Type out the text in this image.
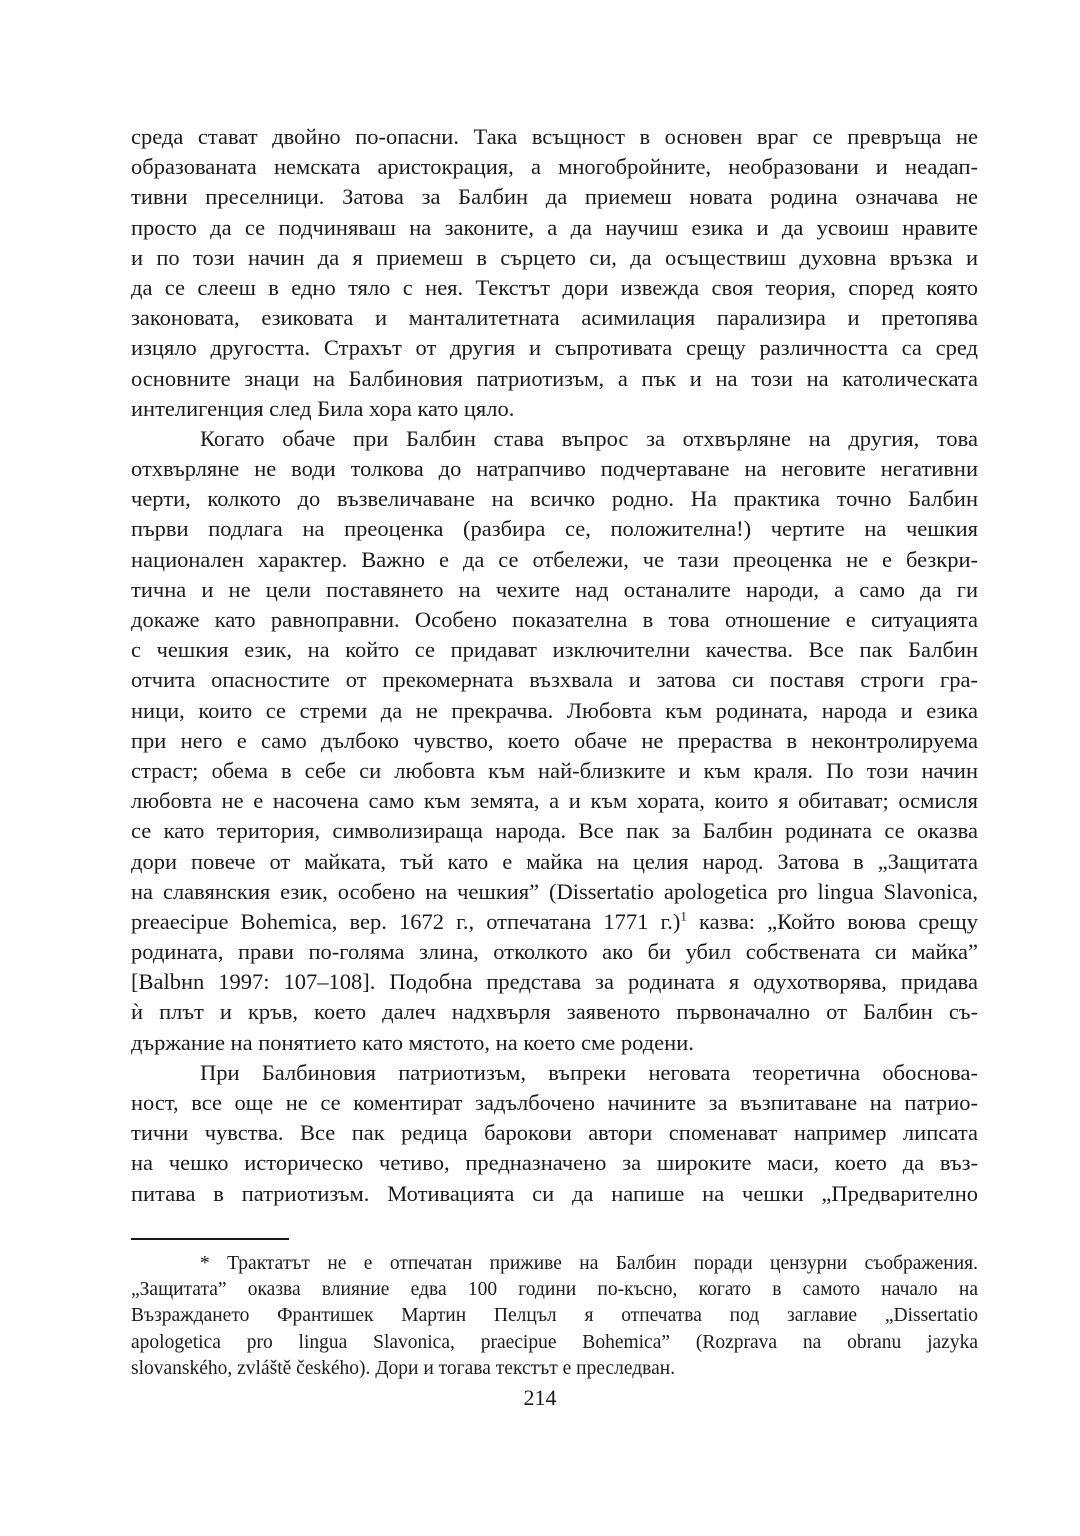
среда стават двойно по-опасни. Така всъщност в основен враг се превръща не
образованата немската аристокрация, а многобройните, необразовани и неадап-
тивни преселници. Затова за Балбин да приемеш новата родина означава не
просто да се подчиняваш на законите, а да научиш езика и да усвоиш нравите
и по този начин да я приемеш в сърцето си, да осъществиш духовна връзка и
да се слееш в едно тяло с нея. Текстът дори извежда своя теория, според която
законовата, езиковата и манталитетната асимилация парализира и претопява
изцяло другостта. Страхът от другия и съпротивата срещу различността са сред
основните знаци на Балбиновия патриотизъм, а пък и на този на католическата
интелигенция след Била хора като цяло.
Когато обаче при Балбин става въпрос за отхвърляне на другия, това
отхвърляне не води толкова до натрапчиво подчертаване на неговите негативни
черти, колкото до възвеличаване на всичко родно. На практика точно Балбин
първи подлага на преоценка (разбира се, положителна!) чертите на чешкия
национален характер. Важно е да се отбележи, че тази преоценка не е безкри-
тична и не цели поставянето на чехите над останалите народи, а само да ги
докаже като равноправни. Особено показателна в това отношение е ситуацията
с чешкия език, на който се придават изключителни качества. Все пак Балбин
отчита опасностите от прекомерната възхвала и затова си поставя строги гра-
ници, които се стреми да не прекрачва. Любовта към родината, народа и езика
при него е само дълбоко чувство, което обаче не прераства в неконтролируема
страст; обема в себе си любовта към най-близките и към краля. По този начин
любовта не е насочена само към земята, а и към хората, които я обитават; осмисля
се като територия, символизираща народа. Все пак за Балбин родината се оказва
дори повече от майката, тъй като е майка на целия народ. Затова в „Защитата
на славянския език, особено на чешкия” (Dissertatio apologetica pro lingua Slavonica,
preaecipue Bohemica, вер. 1672 г., отпечатана 1771 г.)$^1$ казва: „Който воюва срещу
родината, прави по-голяма злина, отколкото ако би убил собствената си майка”
[Balbнn 1997: 107–108]. Подобна представа за родината я одухотворява, придава
ѝ плът и кръв, което далеч надхвърля заявеното първоначално от Балбин съ-
държание на понятието като мястото, на което сме родени.
При Балбиновия патриотизъм, въпреки неговата теоретична обоснова-
ност, все още не се коментират задълбочено начините за възпитаване на патрио-
тични чувства. Все пак редица барокови автори споменават например липсата
на чешко историческо четиво, предназначено за широките маси, което да въз-
питава в патриотизъм. Мотивацията си да напише на чешки „Предварително
* Трактатът не е отпечатан приживе на Балбин поради цензурни съображения.
„Защитата” оказва влияние едва 100 години по-късно, когато в самото начало на
Възраждането Франтишек Мартин Пелцъл я отпечатва под заглавие „Dissertatio
apologetica pro lingua Slavonica, praecipue Bohemica” (Rozprava na obranu jazyka
slovanského, zvláště českého). Дори и тогава текстът е преследван.
214
